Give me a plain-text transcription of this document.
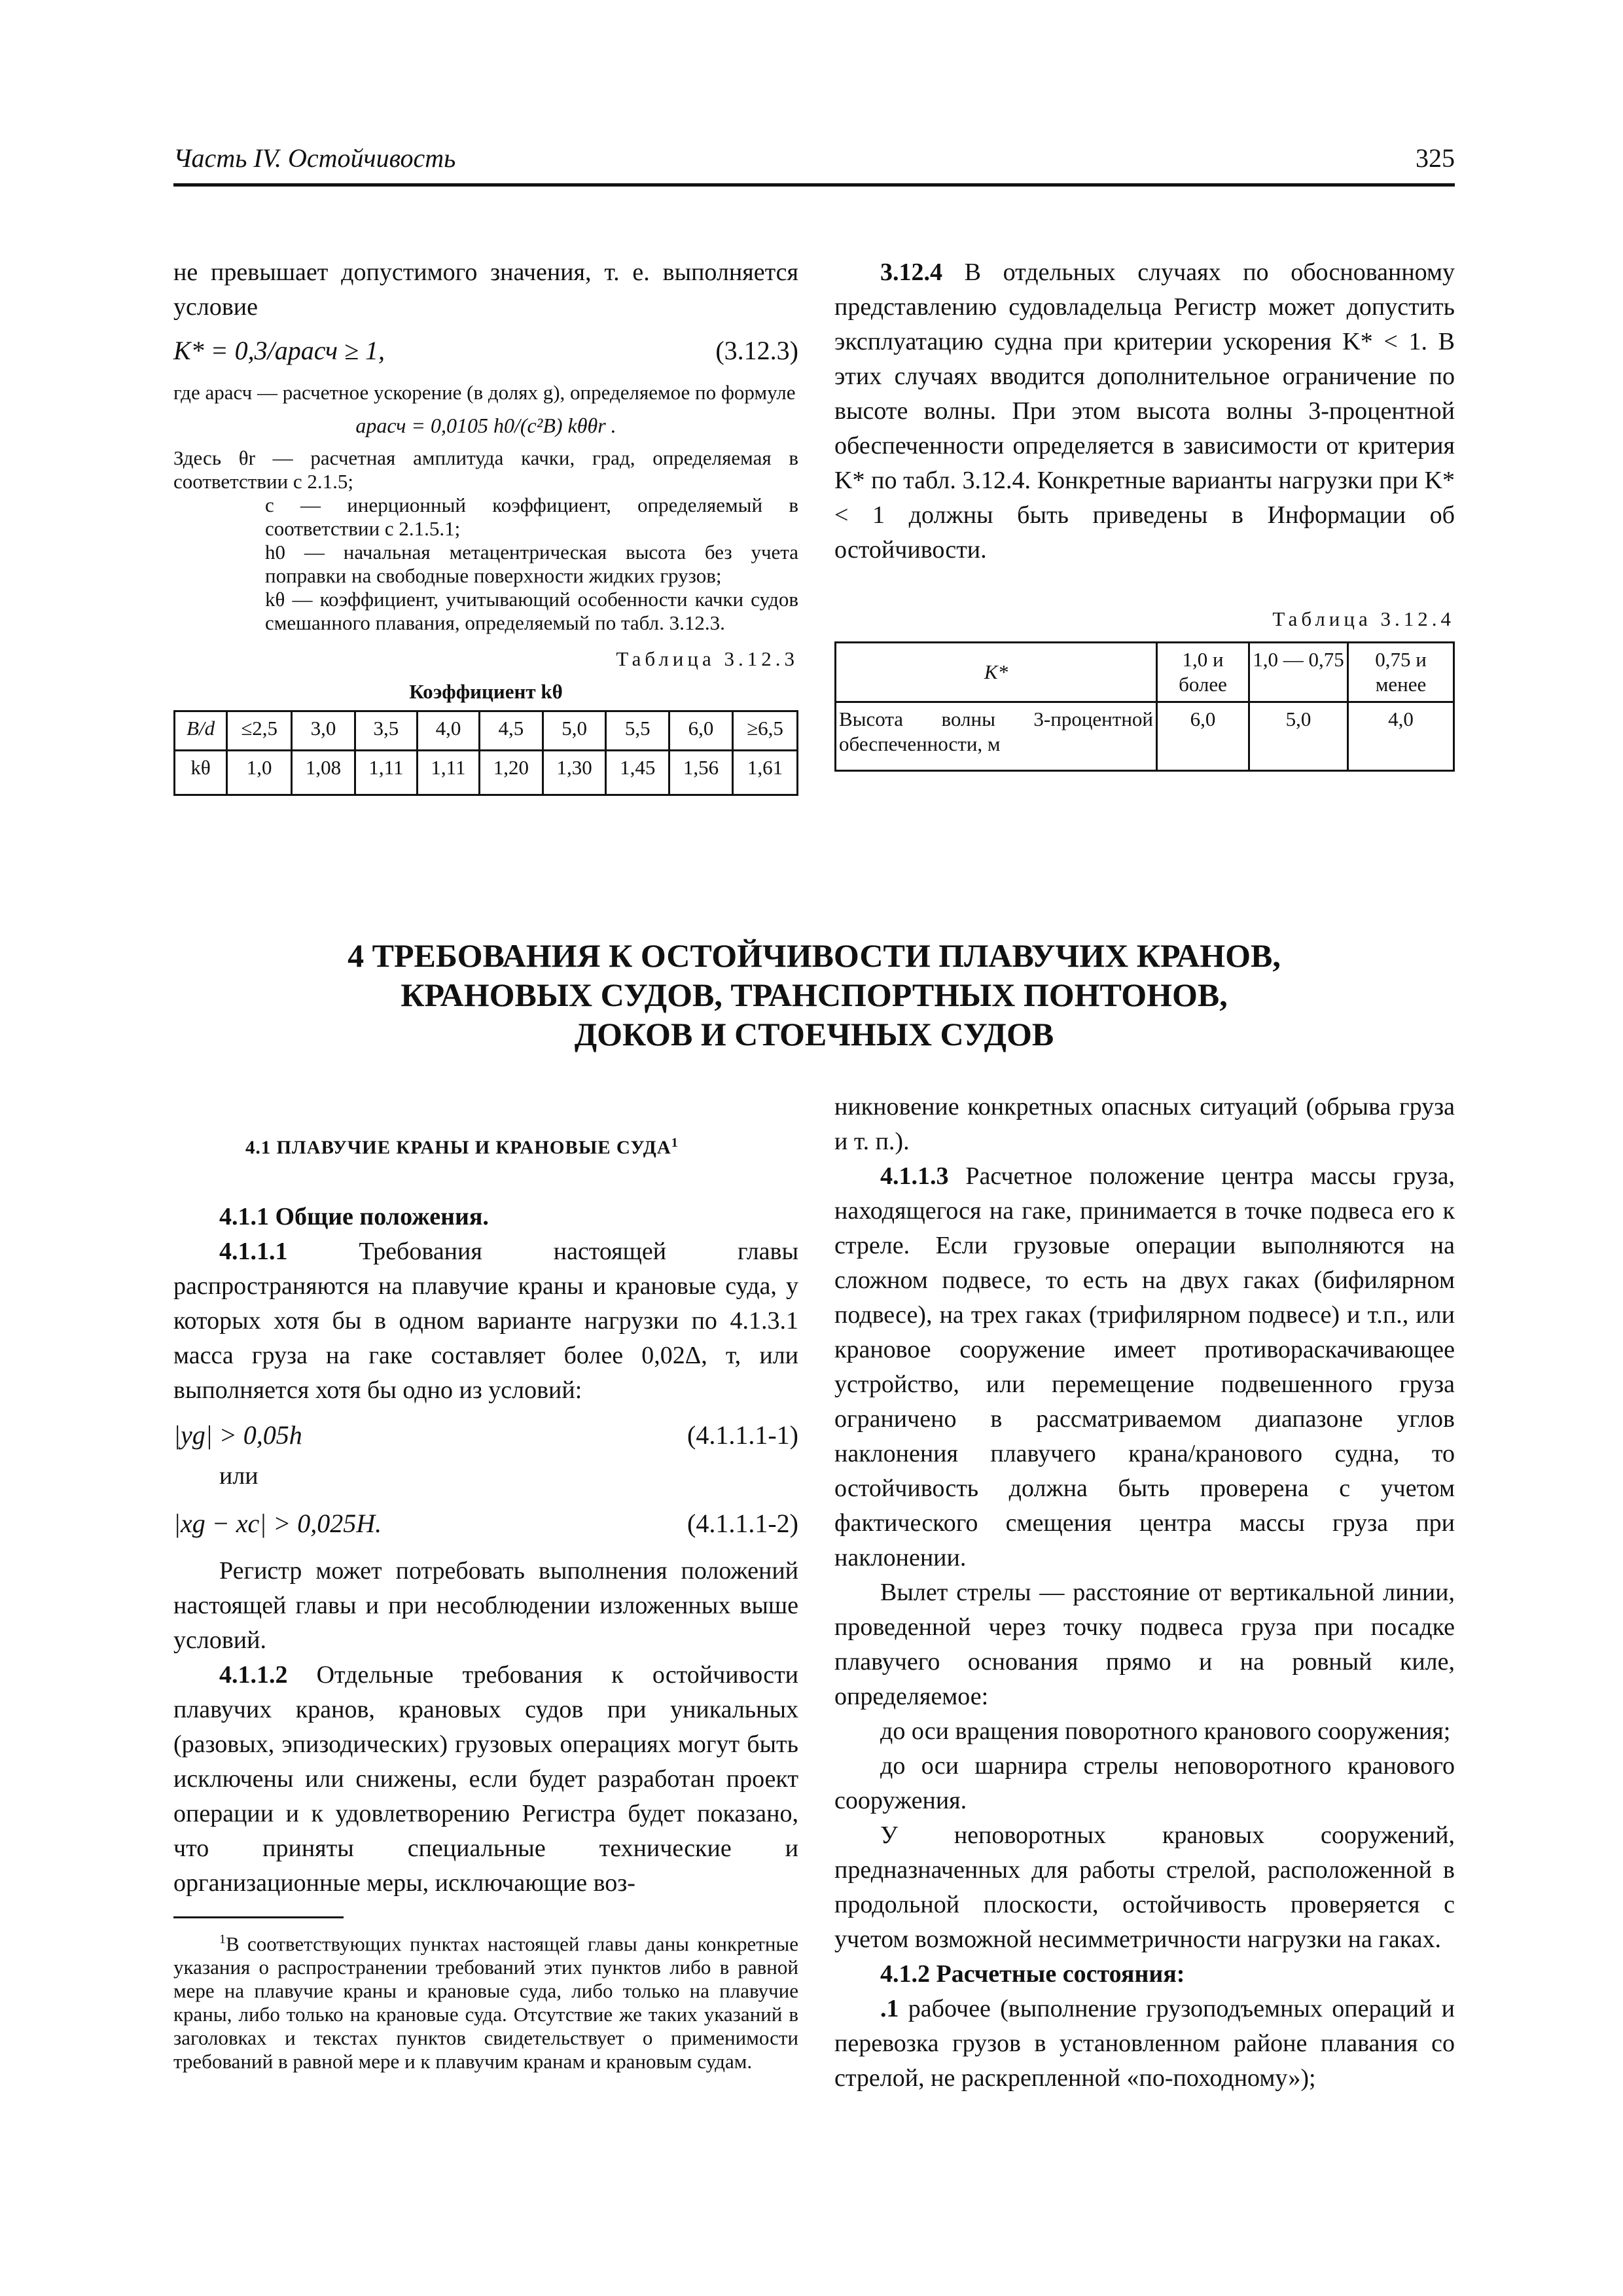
Часть IV. Остойчивость	325

не превышает допустимого значения, т. е. выполняется условие

K* = 0,3/aрасч ≥ 1,	(3.12.3)

где aрасч — расчетное ускорение (в долях g), определяемое по формуле

aрасч = 0,0105 h0/(c²B) kθθr .

Здесь θr — расчетная амплитуда качки, град, определяемая в соответствии с 2.1.5;

c — инерционный коэффициент, определяемый в соответствии с 2.1.5.1;

h0 — начальная метацентрическая высота без учета поправки на свободные поверхности жидких грузов;

kθ — коэффициент, учитывающий особенности качки судов смешанного плавания, определяемый по табл. 3.12.3.

Таблица 3.12.3

Коэффициент kθ

B/d	≤2,5	3,0	3,5	4,0	4,5	5,0	5,5	6,0	≥6,5
kθ	1,0	1,08	1,11	1,11	1,20	1,30	1,45	1,56	1,61

3.12.4 В отдельных случаях по обоснованному представлению судовладельца Регистр может допустить эксплуатацию судна при критерии ускорения K* < 1. В этих случаях вводится дополнительное ограничение по высоте волны. При этом высота волны 3-процентной обеспеченности определяется в зависимости от критерия K* по табл. 3.12.4. Конкретные варианты нагрузки при K* < 1 должны быть приведены в Информации об остойчивости.

Таблица 3.12.4

K*	1,0 и более	1,0 — 0,75	0,75 и менее
Высота волны 3-процентной обеспеченности, м	6,0	5,0	4,0
4 ТРЕБОВАНИЯ К ОСТОЙЧИВОСТИ ПЛАВУЧИХ КРАНОВ,
КРАНОВЫХ СУДОВ, ТРАНСПОРТНЫХ ПОНТОНОВ,
ДОКОВ И СТОЕЧНЫХ СУДОВ

4.1 ПЛАВУЧИЕ КРАНЫ И КРАНОВЫЕ СУДА$^1$

4.1.1 Общие положения.

4.1.1.1	Требования настоящей главы распространяются на плавучие краны и крановые суда, у которых хотя бы в одном варианте нагрузки по 4.1.3.1 масса груза на гаке составляет более 0,02Δ, т, или выполняется хотя бы одно из условий:

|yg| > 0,05h	(4.1.1.1-1)

или

|xg − xc| > 0,025H.	(4.1.1.1-2)

Регистр может потребовать выполнения положений настоящей главы и при несоблюдении изложенных выше условий.

4.1.1.2 Отдельные требования к остойчивости плавучих кранов, крановых судов при уникальных (разовых, эпизодических) грузовых операциях могут быть исключены или снижены, если будет разработан проект операции и к удовлетворению Регистра будет показано, что приняты специальные технические и организационные меры, исключающие воз-

$^1$В соответствующих пунктах настоящей главы даны конкретные указания о распространении требований этих пунктов либо в равной мере на плавучие краны и крановые суда, либо только на плавучие краны, либо только на крановые суда. Отсутствие же таких указаний в заголовках и текстах пунктов свидетельствует о применимости требований в равной мере и к плавучим кранам и крановым судам.

никновение конкретных опасных ситуаций (обрыва груза и т. п.).

4.1.1.3 Расчетное положение центра массы груза, находящегося на гаке, принимается в точке подвеса его к стреле. Если грузовые операции выполняются на сложном подвесе, то есть на двух гаках (бифилярном подвесе), на трех гаках (трифилярном подвесе) и т.п., или крановое сооружение имеет противораскачивающее устройство, или перемещение подвешенного груза ограничено в рассматриваемом диапазоне углов наклонения плавучего крана/кранового судна, то остойчивость должна быть проверена с учетом фактического смещения центра массы груза при наклонении.

Вылет стрелы — расстояние от вертикальной линии, проведенной через точку подвеса груза при посадке плавучего основания прямо и на ровный киле, определяемое:

до оси вращения поворотного кранового сооружения;

до оси шарнира стрелы неповоротного кранового сооружения.

У неповоротных крановых сооружений, предназначенных для работы стрелой, расположенной в продольной плоскости, остойчивость проверяется с учетом возможной несимметричности нагрузки на гаках.

4.1.2 Расчетные состояния:

.1 рабочее (выполнение грузоподъемных операций и перевозка грузов в установленном районе плавания со стрелой, не раскрепленной «по-походному»);
